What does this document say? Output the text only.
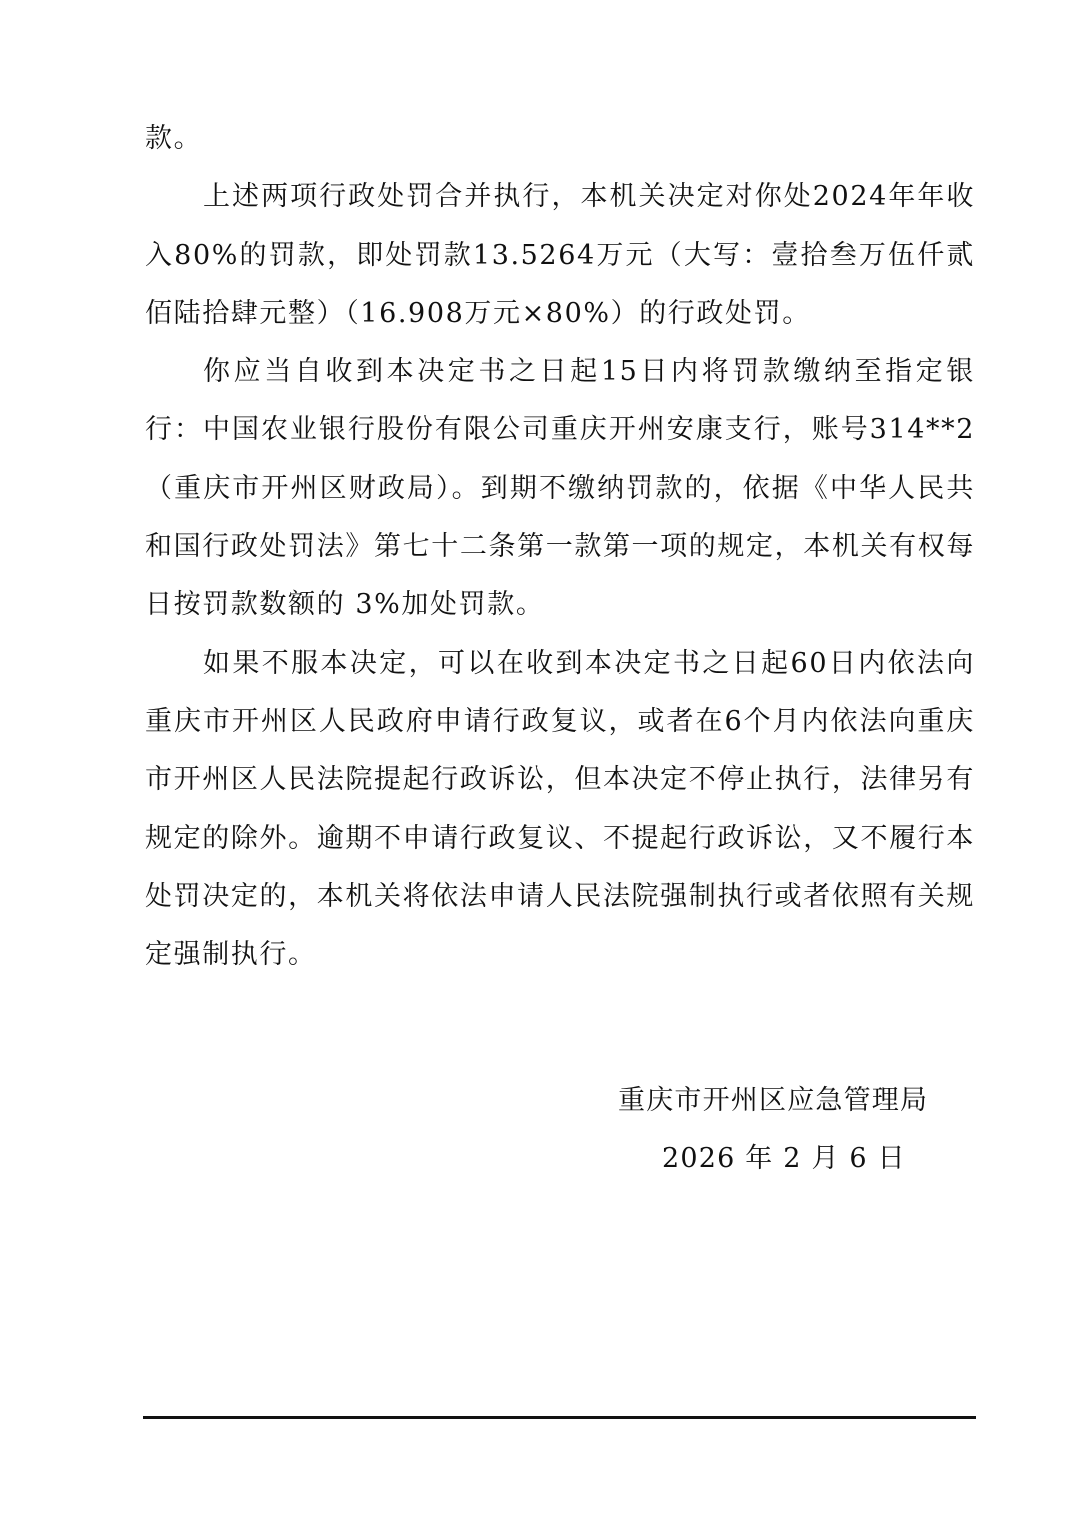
款。

上述两项行政处罚合并执行，本机关决定对你处2024年年收入80%的罚款，即处罚款13.5264万元（大写：壹拾叁万伍仟贰佰陆拾肆元整）（16.908万元×80%）的行政处罚。

你应当自收到本决定书之日起15日内将罚款缴纳至指定银行：中国农业银行股份有限公司重庆开州安康支行，账号314**2（重庆市开州区财政局）。到期不缴纳罚款的，依据《中华人民共和国行政处罚法》第七十二条第一款第一项的规定，本机关有权每日按罚款数额的 3%加处罚款。

如果不服本决定，可以在收到本决定书之日起60日内依法向重庆市开州区人民政府申请行政复议，或者在6个月内依法向重庆市开州区人民法院提起行政诉讼，但本决定不停止执行，法律另有规定的除外。逾期不申请行政复议、不提起行政诉讼，又不履行本处罚决定的，本机关将依法申请人民法院强制执行或者依照有关规定强制执行。

重庆市开州区应急管理局
2026 年 2 月 6 日
